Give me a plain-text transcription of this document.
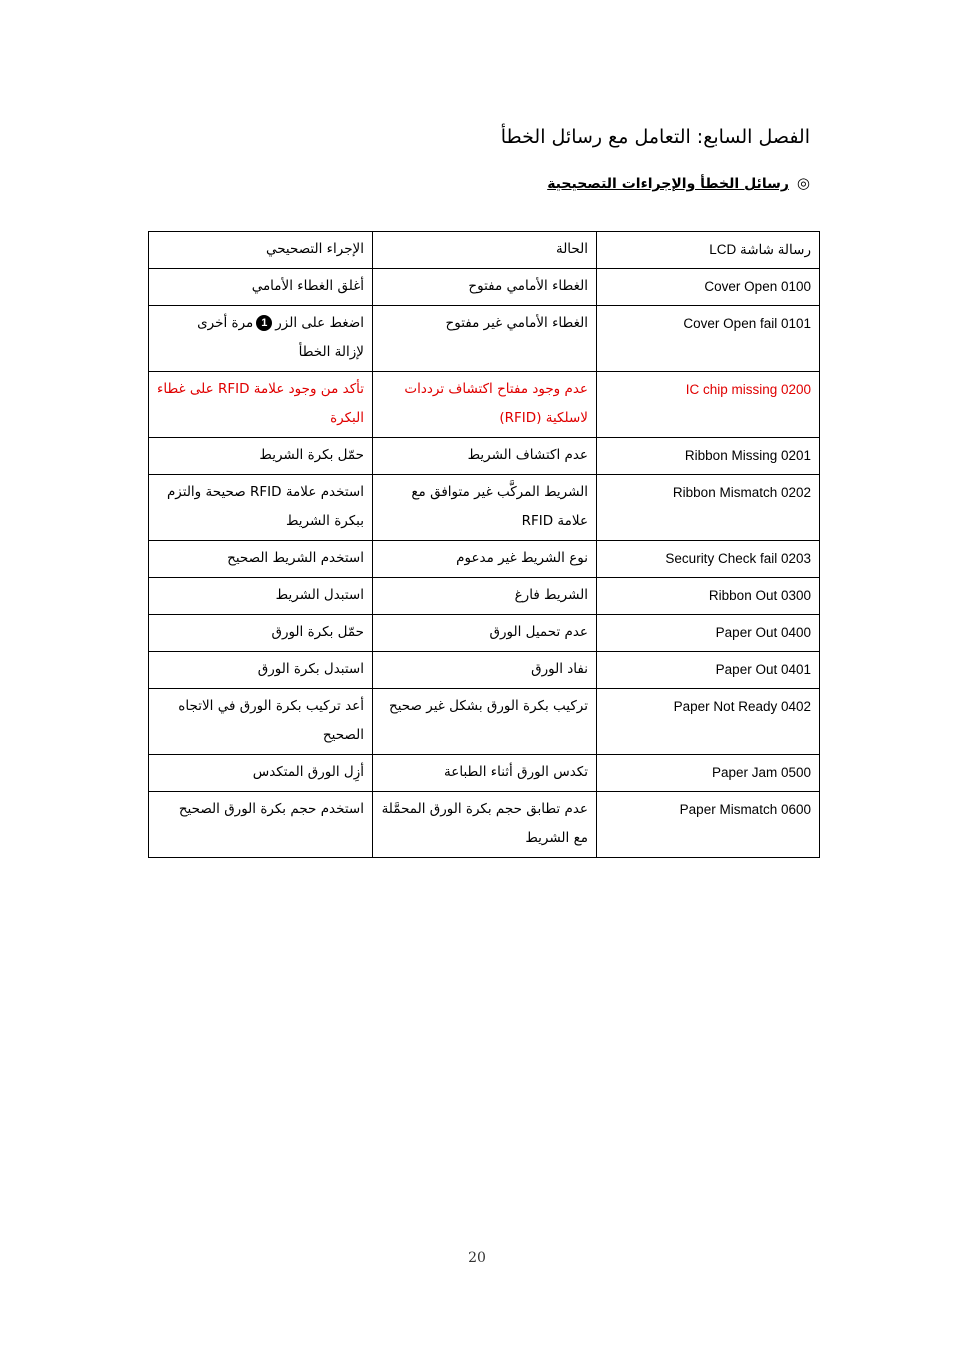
الفصل السابع: التعامل مع رسائل الخطأ
◎رسائل الخطأ والإجراءات التصحيحية
رسالة شاشة LCD	الحالة	الإجراء التصحيحي
Cover Open 0100	الغطاء الأمامي مفتوح	أغلق الغطاء الأمامي
Cover Open fail 0101	الغطاء الأمامي غير مفتوح	اضغط على الزر1مرة أخرى
لإزالة الخطأ
IC chip missing 0200	عدم وجود مفتاح اكتشاف ترددات لاسلكية (RFID)	تأكد من وجود علامة RFID على غطاء البكرة
Ribbon Missing 0201	عدم اكتشاف الشريط	حمّل بكرة الشريط
Ribbon Mismatch 0202	الشريط المركَّب غير متوافق مع علامة RFID	استخدم علامة RFID صحيحة والتزم ببكرة الشريط
Security Check fail 0203	نوع الشريط غير مدعوم	استخدم الشريط الصحيح
Ribbon Out 0300	الشريط فارغ	استبدل الشريط
Paper Out 0400	عدم تحميل الورق	حمّل بكرة الورق
Paper Out 0401	نفاد الورق	استبدل بكرة الورق
Paper Not Ready 0402	تركيب بكرة الورق بشكل غير صحيح	أعد تركيب بكرة الورق في الاتجاه الصحيح
Paper Jam 0500	تكدس الورق أثناء الطباعة	أزِل الورق المتكدس
Paper Mismatch 0600	عدم تطابق حجم بكرة الورق المحمَّلة مع الشريط	استخدم حجم بكرة الورق الصحيح
20
